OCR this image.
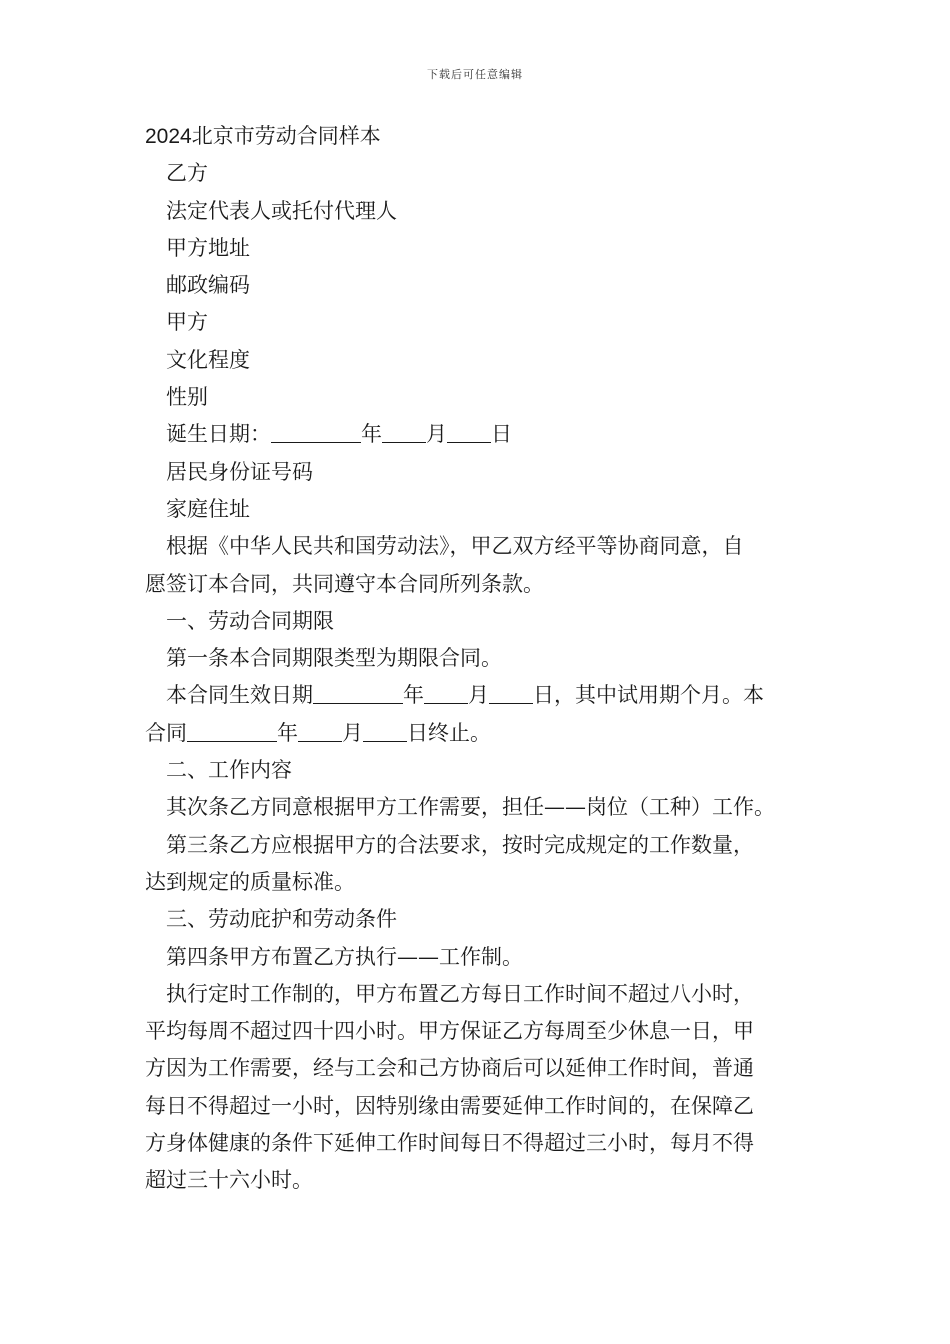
下载后可任意编辑
2024北京市劳动合同样本
乙方
法定代表人或托付代理人
甲方地址
邮政编码
甲方
文化程度
性别
诞生日期：	年 月 日
居民身份证号码
家庭住址
根据《中华人民共和国劳动法》，甲乙双方经平等协商同意，自
愿签订本合同，共同遵守本合同所列条款。
一、劳动合同期限
第一条本合同期限类型为期限合同。
本合同生效日期	年 月 日，其中试用期个月。本
合同	年 月 日终止。
二、工作内容
其次条乙方同意根据甲方工作需要，担任——岗位（工种）工作。
第三条乙方应根据甲方的合法要求，按时完成规定的工作数量，
达到规定的质量标准。
三、劳动庇护和劳动条件
第四条甲方布置乙方执行——工作制。
执行定时工作制的，甲方布置乙方每日工作时间不超过八小时，
平均每周不超过四十四小时。甲方保证乙方每周至少休息一日，甲
方因为工作需要，经与工会和己方协商后可以延伸工作时间，普通
每日不得超过一小时，因特别缘由需要延伸工作时间的，在保障乙
方身体健康的条件下延伸工作时间每日不得超过三小时，每月不得
超过三十六小时。
